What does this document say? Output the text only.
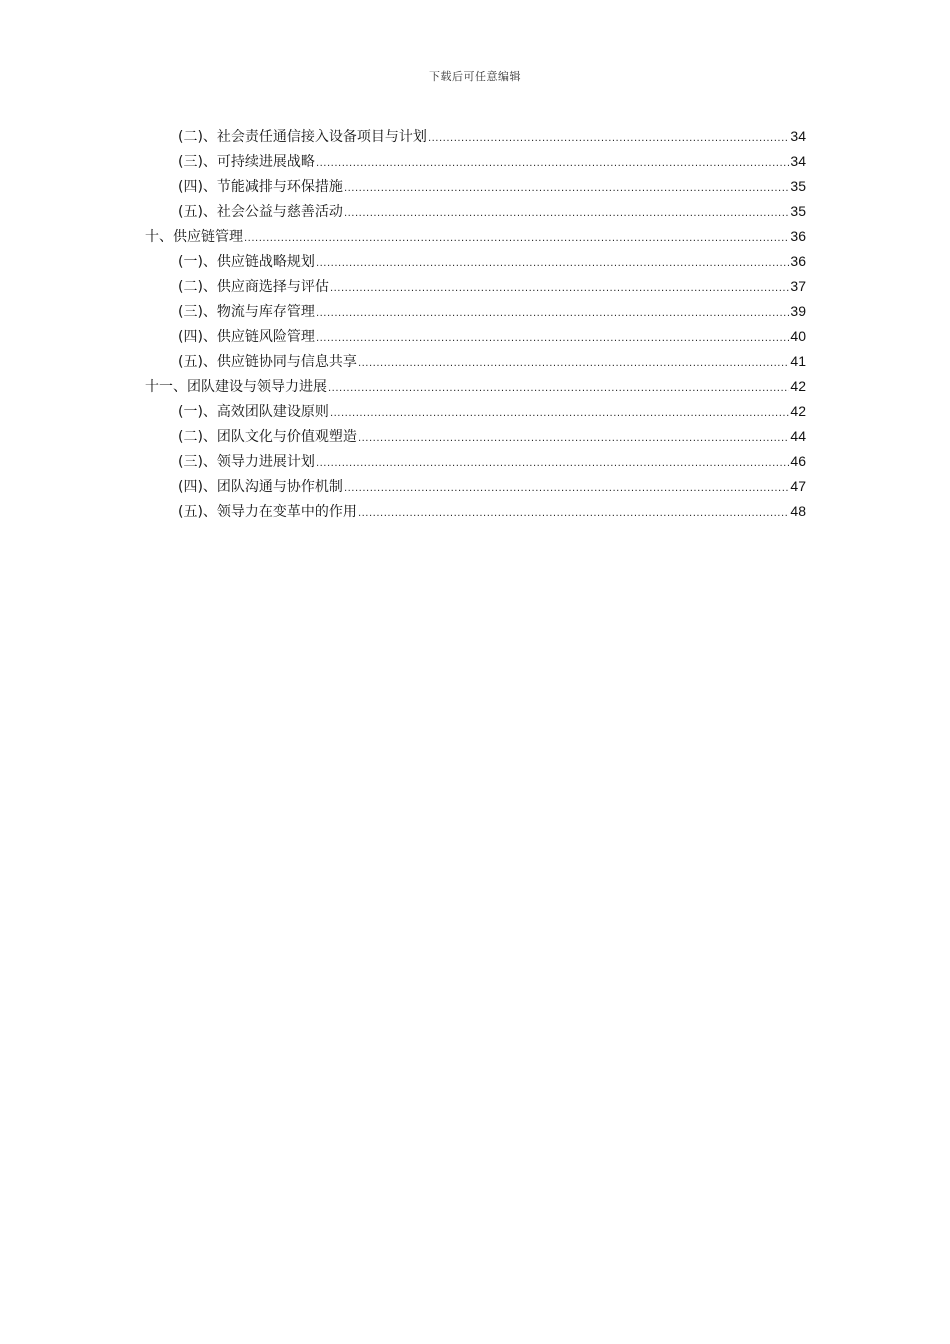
下载后可任意编辑
(二)、社会责任通信接入设备项目与计划 .....	34
(三)、可持续进展战略 .....	34
(四)、节能减排与环保措施 .....	35
(五)、社会公益与慈善活动 .....	35
十、供应链管理 .....	36
(一)、供应链战略规划 .....	36
(二)、供应商选择与评估 .....	37
(三)、物流与库存管理 .....	39
(四)、供应链风险管理 .....	40
(五)、供应链协同与信息共享 .....	41
十一、团队建设与领导力进展 .....	42
(一)、高效团队建设原则 .....	42
(二)、团队文化与价值观塑造 .....	44
(三)、领导力进展计划 .....	46
(四)、团队沟通与协作机制 .....	47
(五)、领导力在变革中的作用 .....	48
